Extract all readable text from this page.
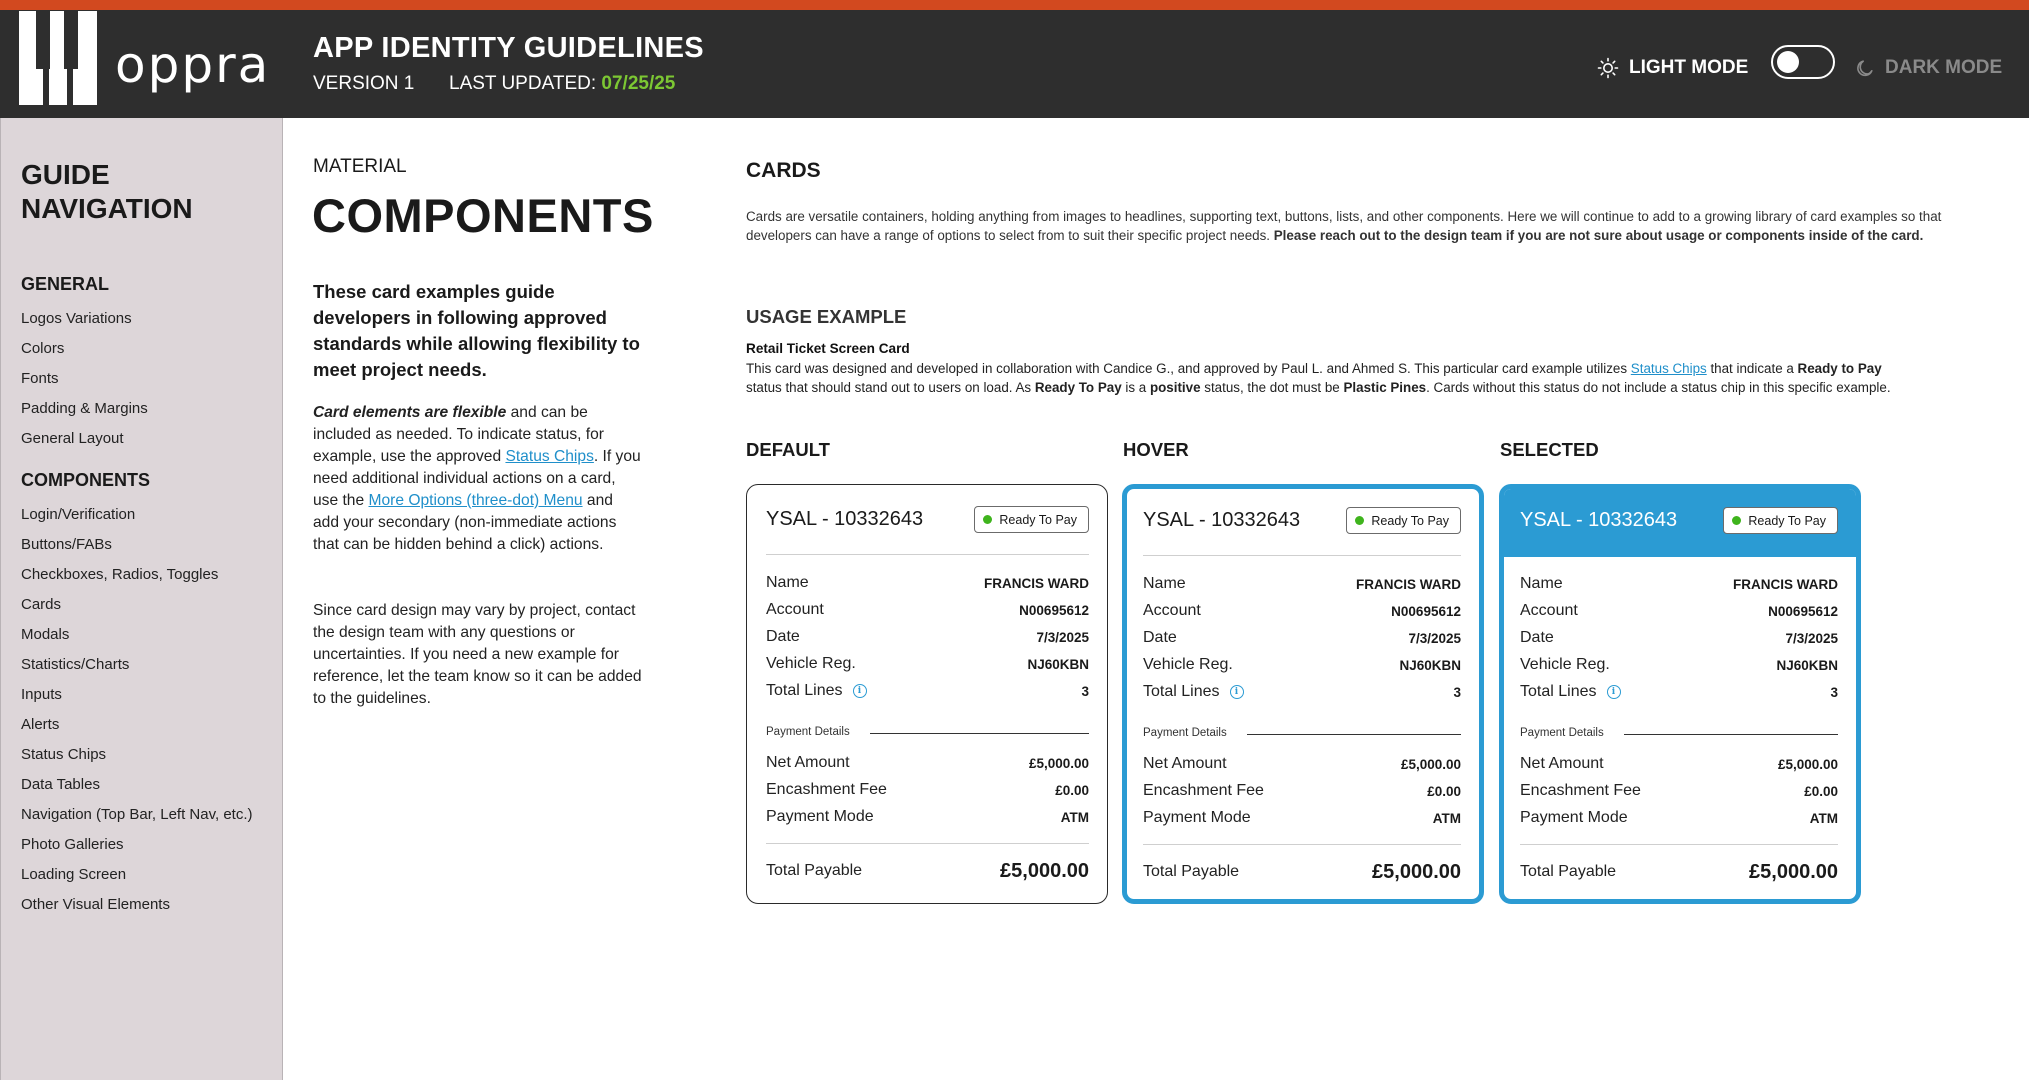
oppra APP IDENTITY GUIDELINES
VERSION 1 LAST UPDATED: 07/25/25
LIGHT MODE	DARK MODE
GUIDE
NAVIGATION
GENERAL
Logos Variations
Colors
Fonts
Padding & Margins
General Layout
COMPONENTS
Login/Verification
Buttons/FABs
Checkboxes, Radios, Toggles
Cards
Modals
Statistics/Charts
Inputs
Alerts
Status Chips
Data Tables
Navigation (Top Bar, Left Nav, etc.)
Photo Galleries
Loading Screen
Other Visual Elements
MATERIAL
COMPONENTS
These card examples guide developers in following approved standards while allowing flexibility to meet project needs.
Card elements are flexible and can be included as needed. To indicate status, for example, use the approved Status Chips. If you need additional individual actions on a card, use the More Options (three-dot) Menu and add your secondary (non-immediate actions that can be hidden behind a click) actions.
Since card design may vary by project, contact the design team with any questions or uncertainties. If you need a new example for reference, let the team know so it can be added to the guidelines.
CARDS
Cards are versatile containers, holding anything from images to headlines, supporting text, buttons, lists, and other components. Here we will continue to add to a growing library of card examples so that developers can have a range of options to select from to suit their specific project needs. Please reach out to the design team if you are not sure about usage or components inside of the card.
USAGE EXAMPLE
Retail Ticket Screen Card
This card was designed and developed in collaboration with Candice G., and approved by Paul L. and Ahmed S. This particular card example utilizes Status Chips that indicate a Ready to Pay status that should stand out to users on load. As Ready To Pay is a positive status, the dot must be Plastic Pines. Cards without this status do not include a status chip in this specific example.
DEFAULT	HOVER	SELECTED
YSAL - 10332643	Ready To Pay
Name	FRANCIS WARD
Account	N00695612
Date	7/3/2025
Vehicle Reg.	NJ60KBN
Total Lines	i	3
Payment Details
Net Amount	£5,000.00
Encashment Fee	£0.00
Payment Mode	ATM
Total Payable	£5,000.00
YSAL - 10332643	Ready To Pay
Name	FRANCIS WARD
Account	N00695612
Date	7/3/2025
Vehicle Reg.	NJ60KBN
Total Lines	i	3
Payment Details
Net Amount	£5,000.00
Encashment Fee	£0.00
Payment Mode	ATM
Total Payable	£5,000.00
YSAL - 10332643	Ready To Pay
Name	FRANCIS WARD
Account	N00695612
Date	7/3/2025
Vehicle Reg.	NJ60KBN
Total Lines	i	3
Payment Details
Net Amount	£5,000.00
Encashment Fee	£0.00
Payment Mode	ATM
Total Payable	£5,000.00
